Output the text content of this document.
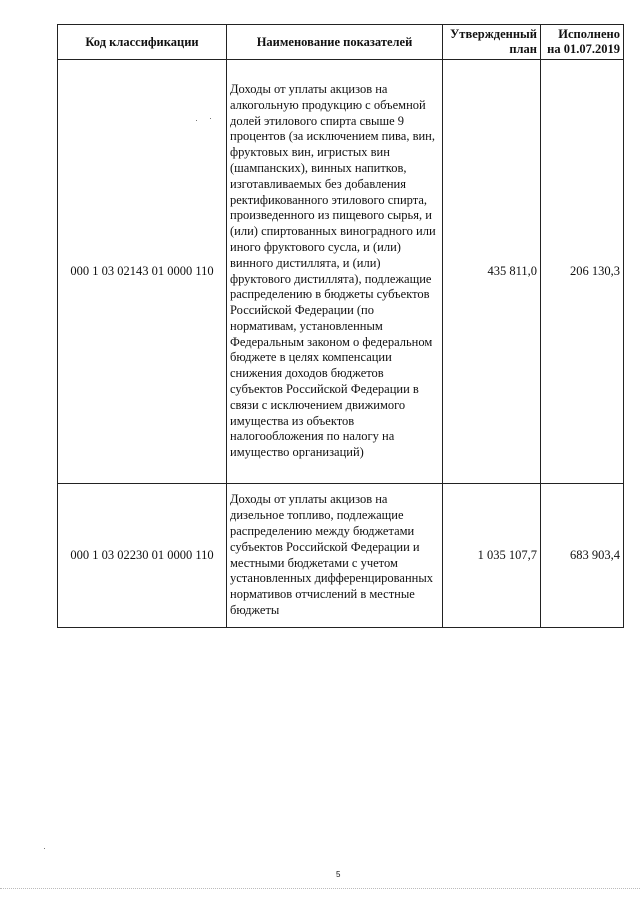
Код классификации	Наименование показателей	Утвержденный план	Исполнено на 01.07.2019
000 1 03 02143 01 0000 110	Доходы от уплаты акцизов на алкогольную продукцию с объемной долей этилового спирта свыше 9 процентов (за исключением пива, вин, фруктовых вин, игристых вин (шампанских), винных напитков, изготавливаемых без добавления ректификованного этилового спирта, произведенного из пищевого сырья, и (или) спиртованных виноградного или иного фруктового сусла, и (или) винного дистиллята, и (или) фруктового дистиллята), подлежащие распределению в бюджеты субъектов Российской Федерации (по нормативам, установленным Федеральным законом о федеральном бюджете в целях компенсации снижения доходов бюджетов субъектов Российской Федерации в связи с исключением движимого имущества из объектов налогообложения по налогу на имущество организаций)	435 811,0	206 130,3
000 1 03 02230 01 0000 110	Доходы от уплаты акцизов на дизельное топливо, подлежащие распределению между бюджетами субъектов Российской Федерации и местными бюджетами с учетом установленных дифференцированных нормативов отчислений в местные бюджеты	1 035 107,7	683 903,4
5
